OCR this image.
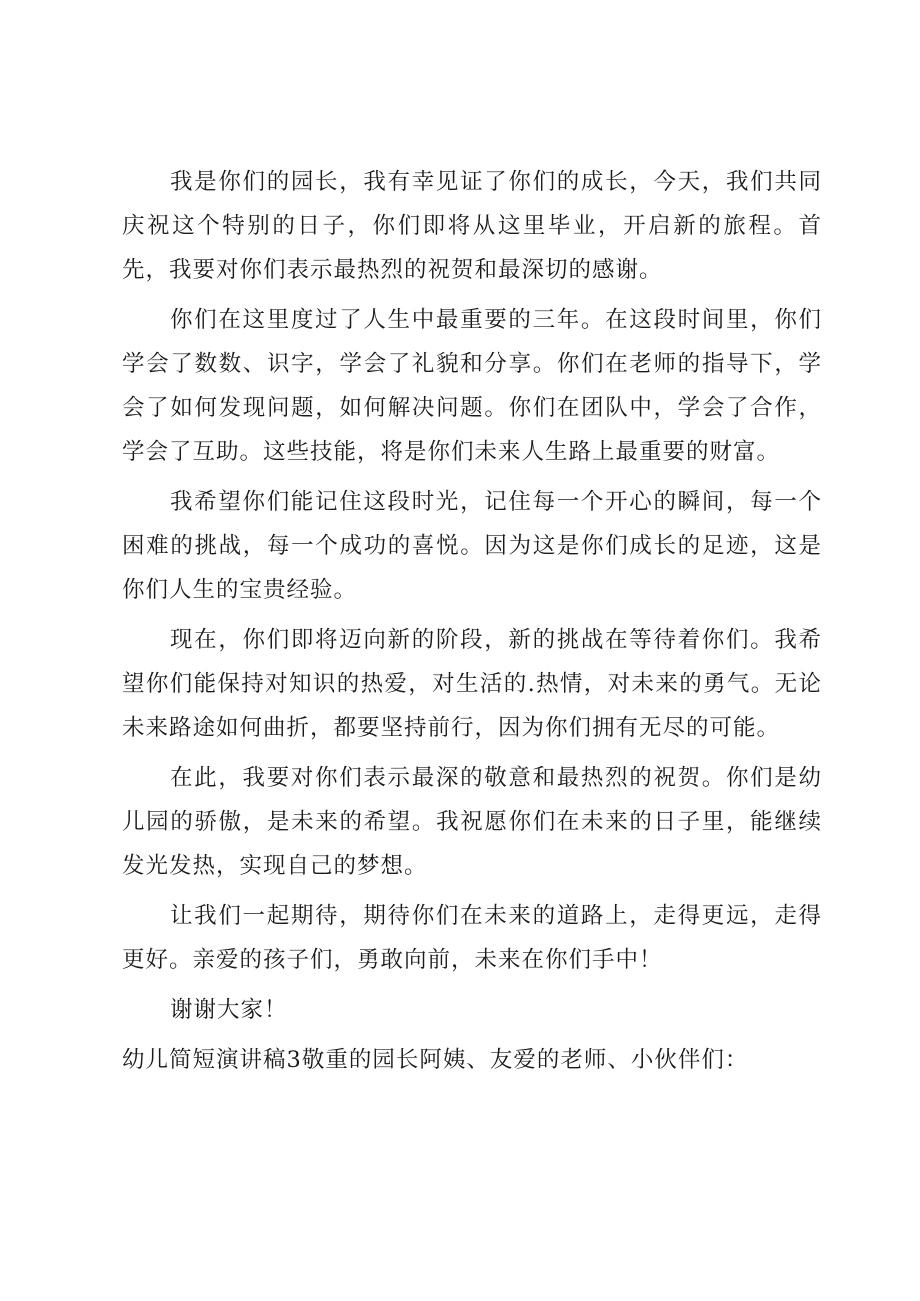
我是你们的园长，我有幸见证了你们的成长，今天，我们共同庆祝这个特别的日子，你们即将从这里毕业，开启新的旅程。首先，我要对你们表示最热烈的祝贺和最深切的感谢。

你们在这里度过了人生中最重要的三年。在这段时间里，你们学会了数数、识字，学会了礼貌和分享。你们在老师的指导下，学会了如何发现问题，如何解决问题。你们在团队中，学会了合作，学会了互助。这些技能，将是你们未来人生路上最重要的财富。

我希望你们能记住这段时光，记住每一个开心的瞬间，每一个困难的挑战，每一个成功的喜悦。因为这是你们成长的足迹，这是你们人生的宝贵经验。

现在，你们即将迈向新的阶段，新的挑战在等待着你们。我希望你们能保持对知识的热爱，对生活的.热情，对未来的勇气。无论未来路途如何曲折，都要坚持前行，因为你们拥有无尽的可能。

在此，我要对你们表示最深的敬意和最热烈的祝贺。你们是幼儿园的骄傲，是未来的希望。我祝愿你们在未来的日子里，能继续发光发热，实现自己的梦想。

让我们一起期待，期待你们在未来的道路上，走得更远，走得更好。亲爱的孩子们，勇敢向前，未来在你们手中！

谢谢大家！

幼儿简短演讲稿3敬重的园长阿姨、友爱的老师、小伙伴们：
